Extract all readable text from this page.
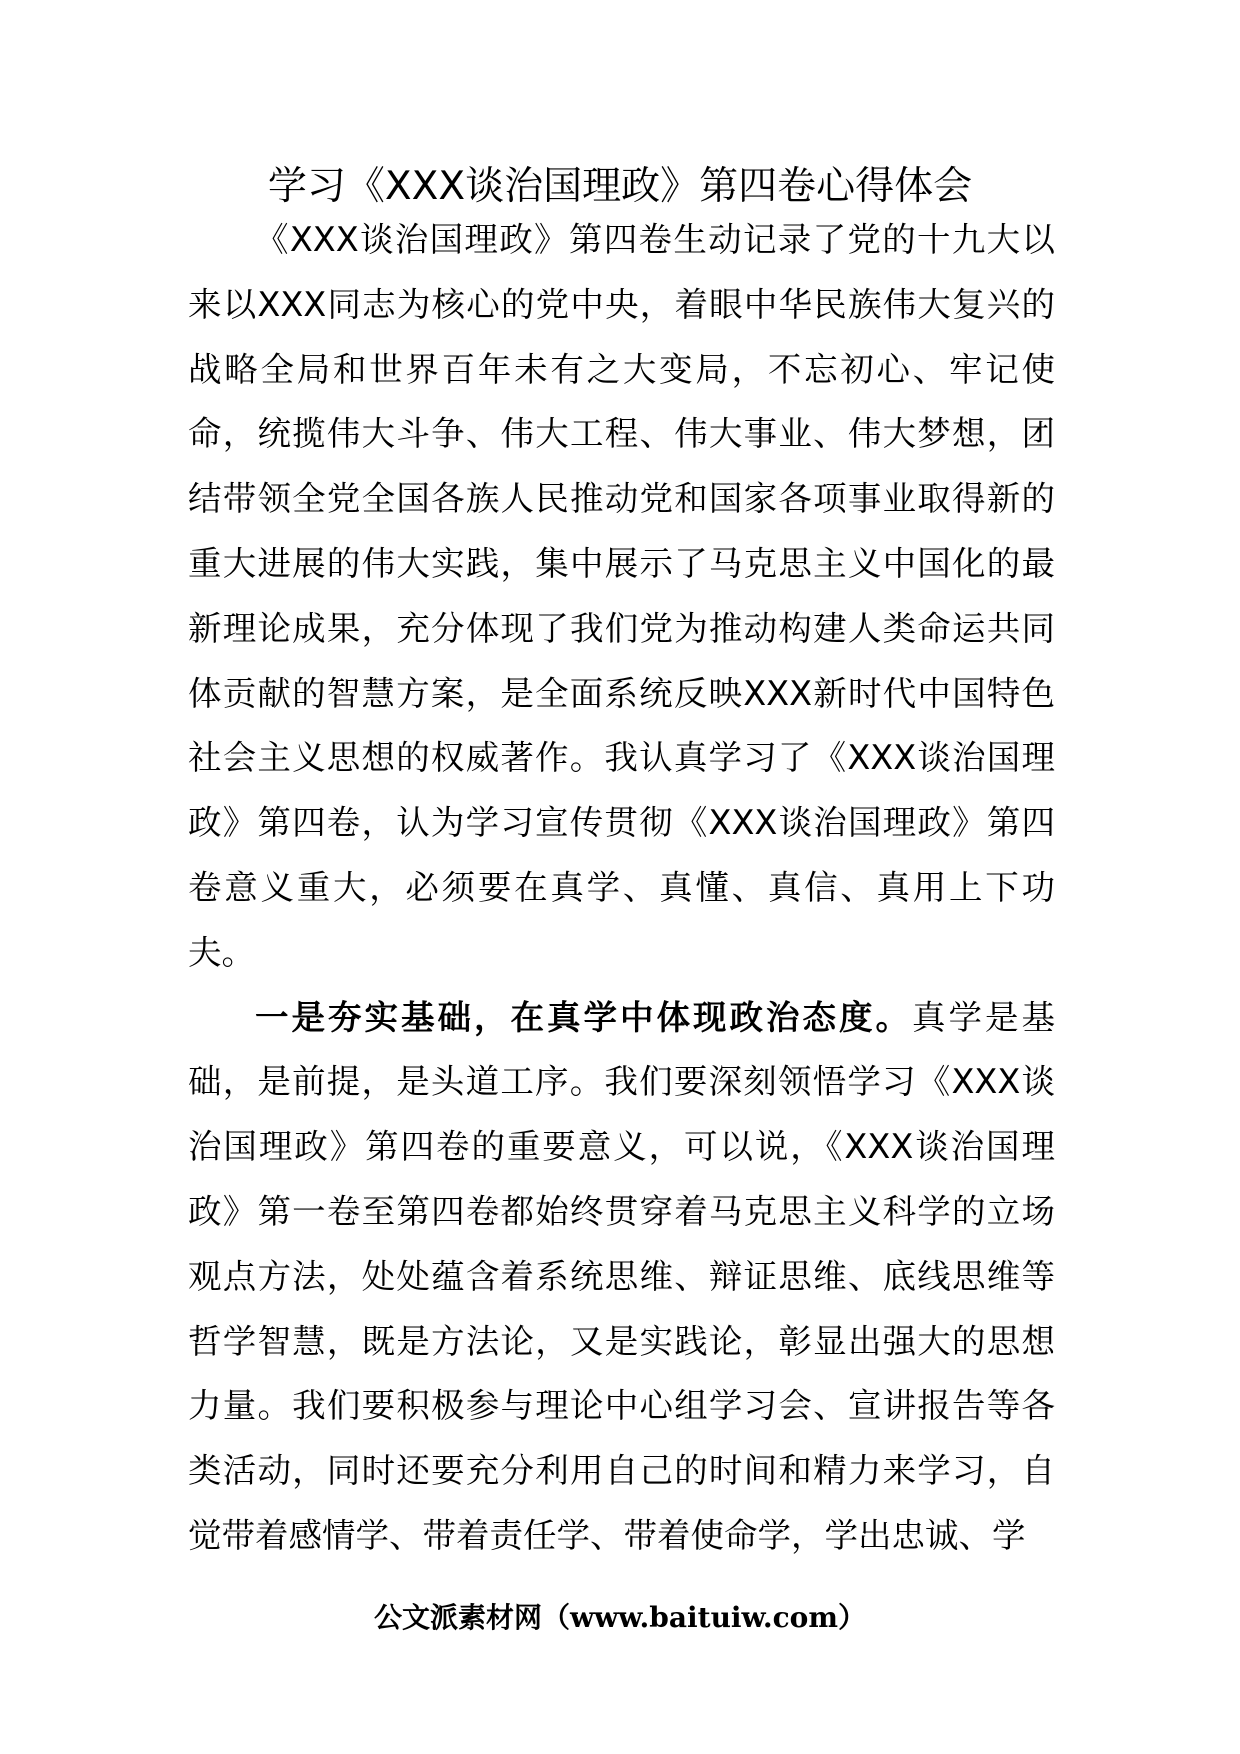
学习《XXX谈治国理政》第四卷心得体会

《XXX谈治国理政》第四卷生动记录了党的十九大以来以XXX同志为核心的党中央，着眼中华民族伟大复兴的战略全局和世界百年未有之大变局，不忘初心、牢记使命，统揽伟大斗争、伟大工程、伟大事业、伟大梦想，团结带领全党全国各族人民推动党和国家各项事业取得新的重大进展的伟大实践，集中展示了马克思主义中国化的最新理论成果，充分体现了我们党为推动构建人类命运共同体贡献的智慧方案，是全面系统反映XXX新时代中国特色社会主义思想的权威著作。我认真学习了《XXX谈治国理政》第四卷，认为学习宣传贯彻《XXX谈治国理政》第四卷意义重大，必须要在真学、真懂、真信、真用上下功夫。

一是夯实基础，在真学中体现政治态度。真学是基础，是前提，是头道工序。我们要深刻领悟学习《XXX谈治国理政》第四卷的重要意义，可以说，《XXX谈治国理政》第一卷至第四卷都始终贯穿着马克思主义科学的立场观点方法，处处蕴含着系统思维、辩证思维、底线思维等哲学智慧，既是方法论，又是实践论，彰显出强大的思想力量。我们要积极参与理论中心组学习会、宣讲报告等各类活动，同时还要充分利用自己的时间和精力来学习，自觉带着感情学、带着责任学、带着使命学，学出忠诚、学

公文派素材网（www.baituiw.com）
